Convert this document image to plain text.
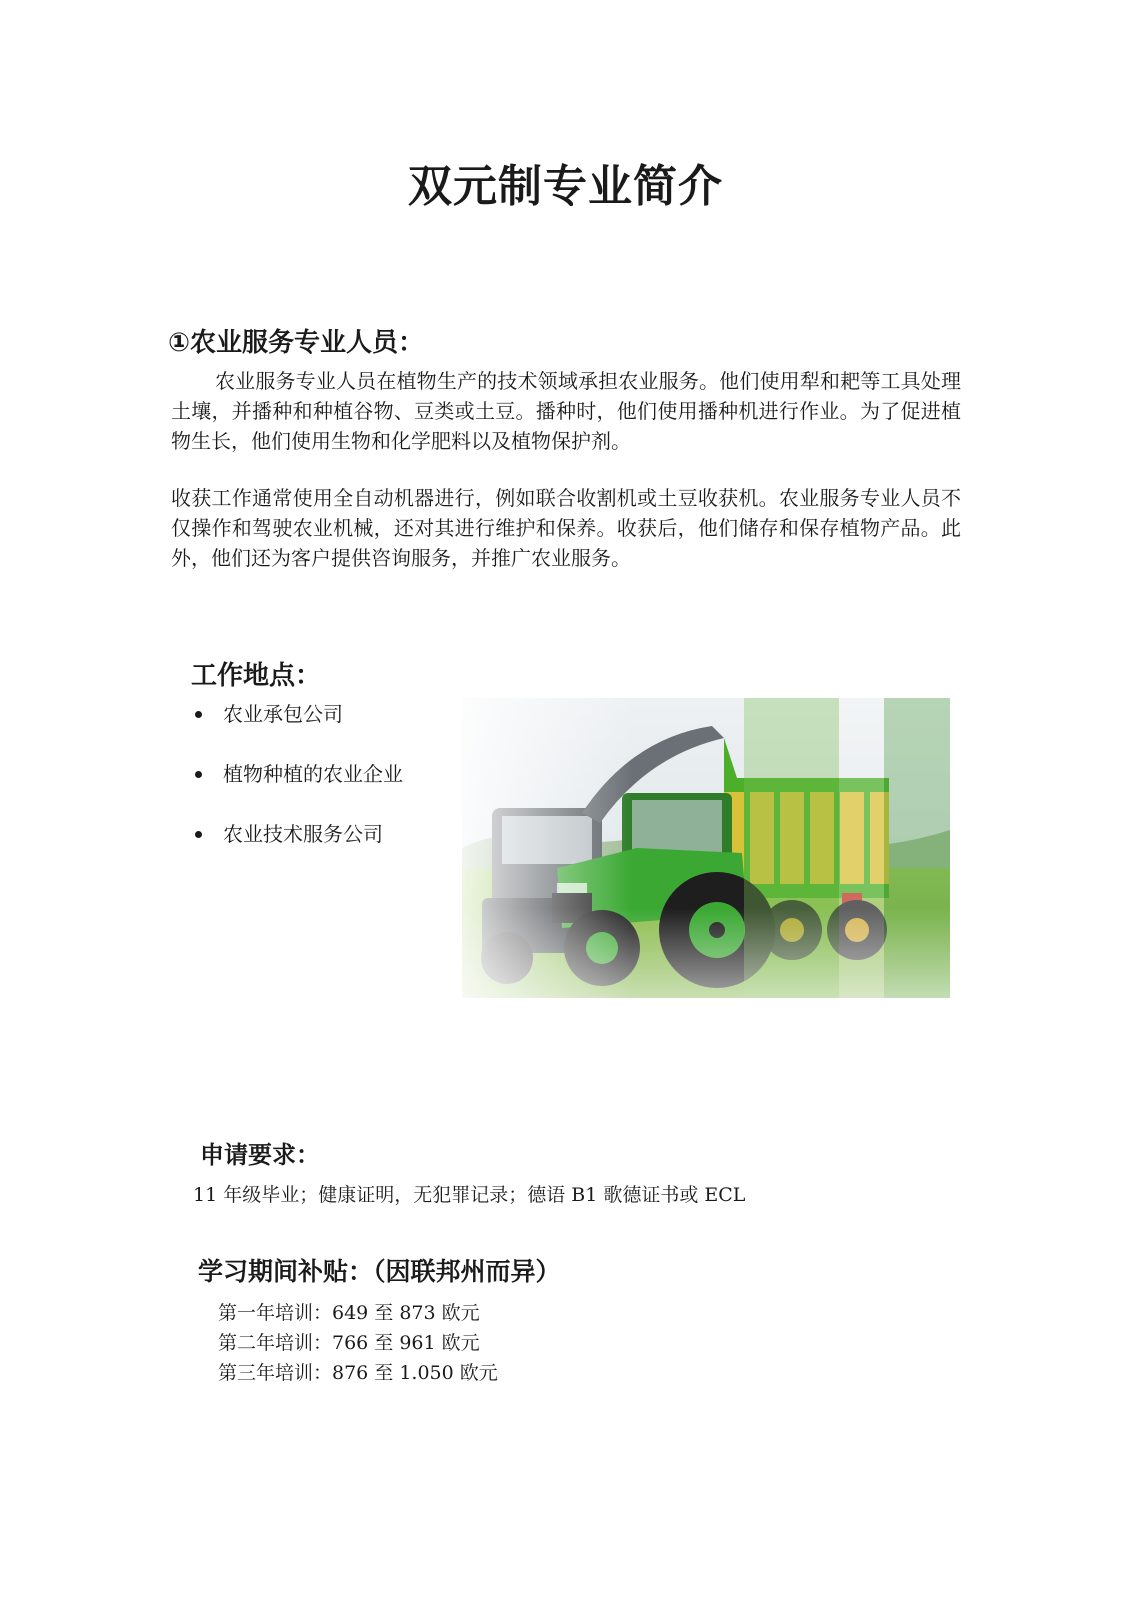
双元制专业简介
①农业服务专业人员：

农业服务专业人员在植物生产的技术领域承担农业服务。他们使用犁和耙等工具处理土壤，并播种和种植谷物、豆类或土豆。播种时，他们使用播种机进行作业。为了促进植物生长，他们使用生物和化学肥料以及植物保护剂。

收获工作通常使用全自动机器进行，例如联合收割机或土豆收获机。农业服务专业人员不仅操作和驾驶农业机械，还对其进行维护和保养。收获后，他们储存和保存植物产品。此外，他们还为客户提供咨询服务，并推广农业服务。

工作地点：
农业承包公司
植物种植的农业企业
农业技术服务公司
申请要求：

11 年级毕业；健康证明，无犯罪记录；德语 B1 歌德证书或 ECL

学习期间补贴：（因联邦州而异）
第一年培训：649 至 873 欧元
第二年培训：766 至 961 欧元
第三年培训：876 至 1.050 欧元
